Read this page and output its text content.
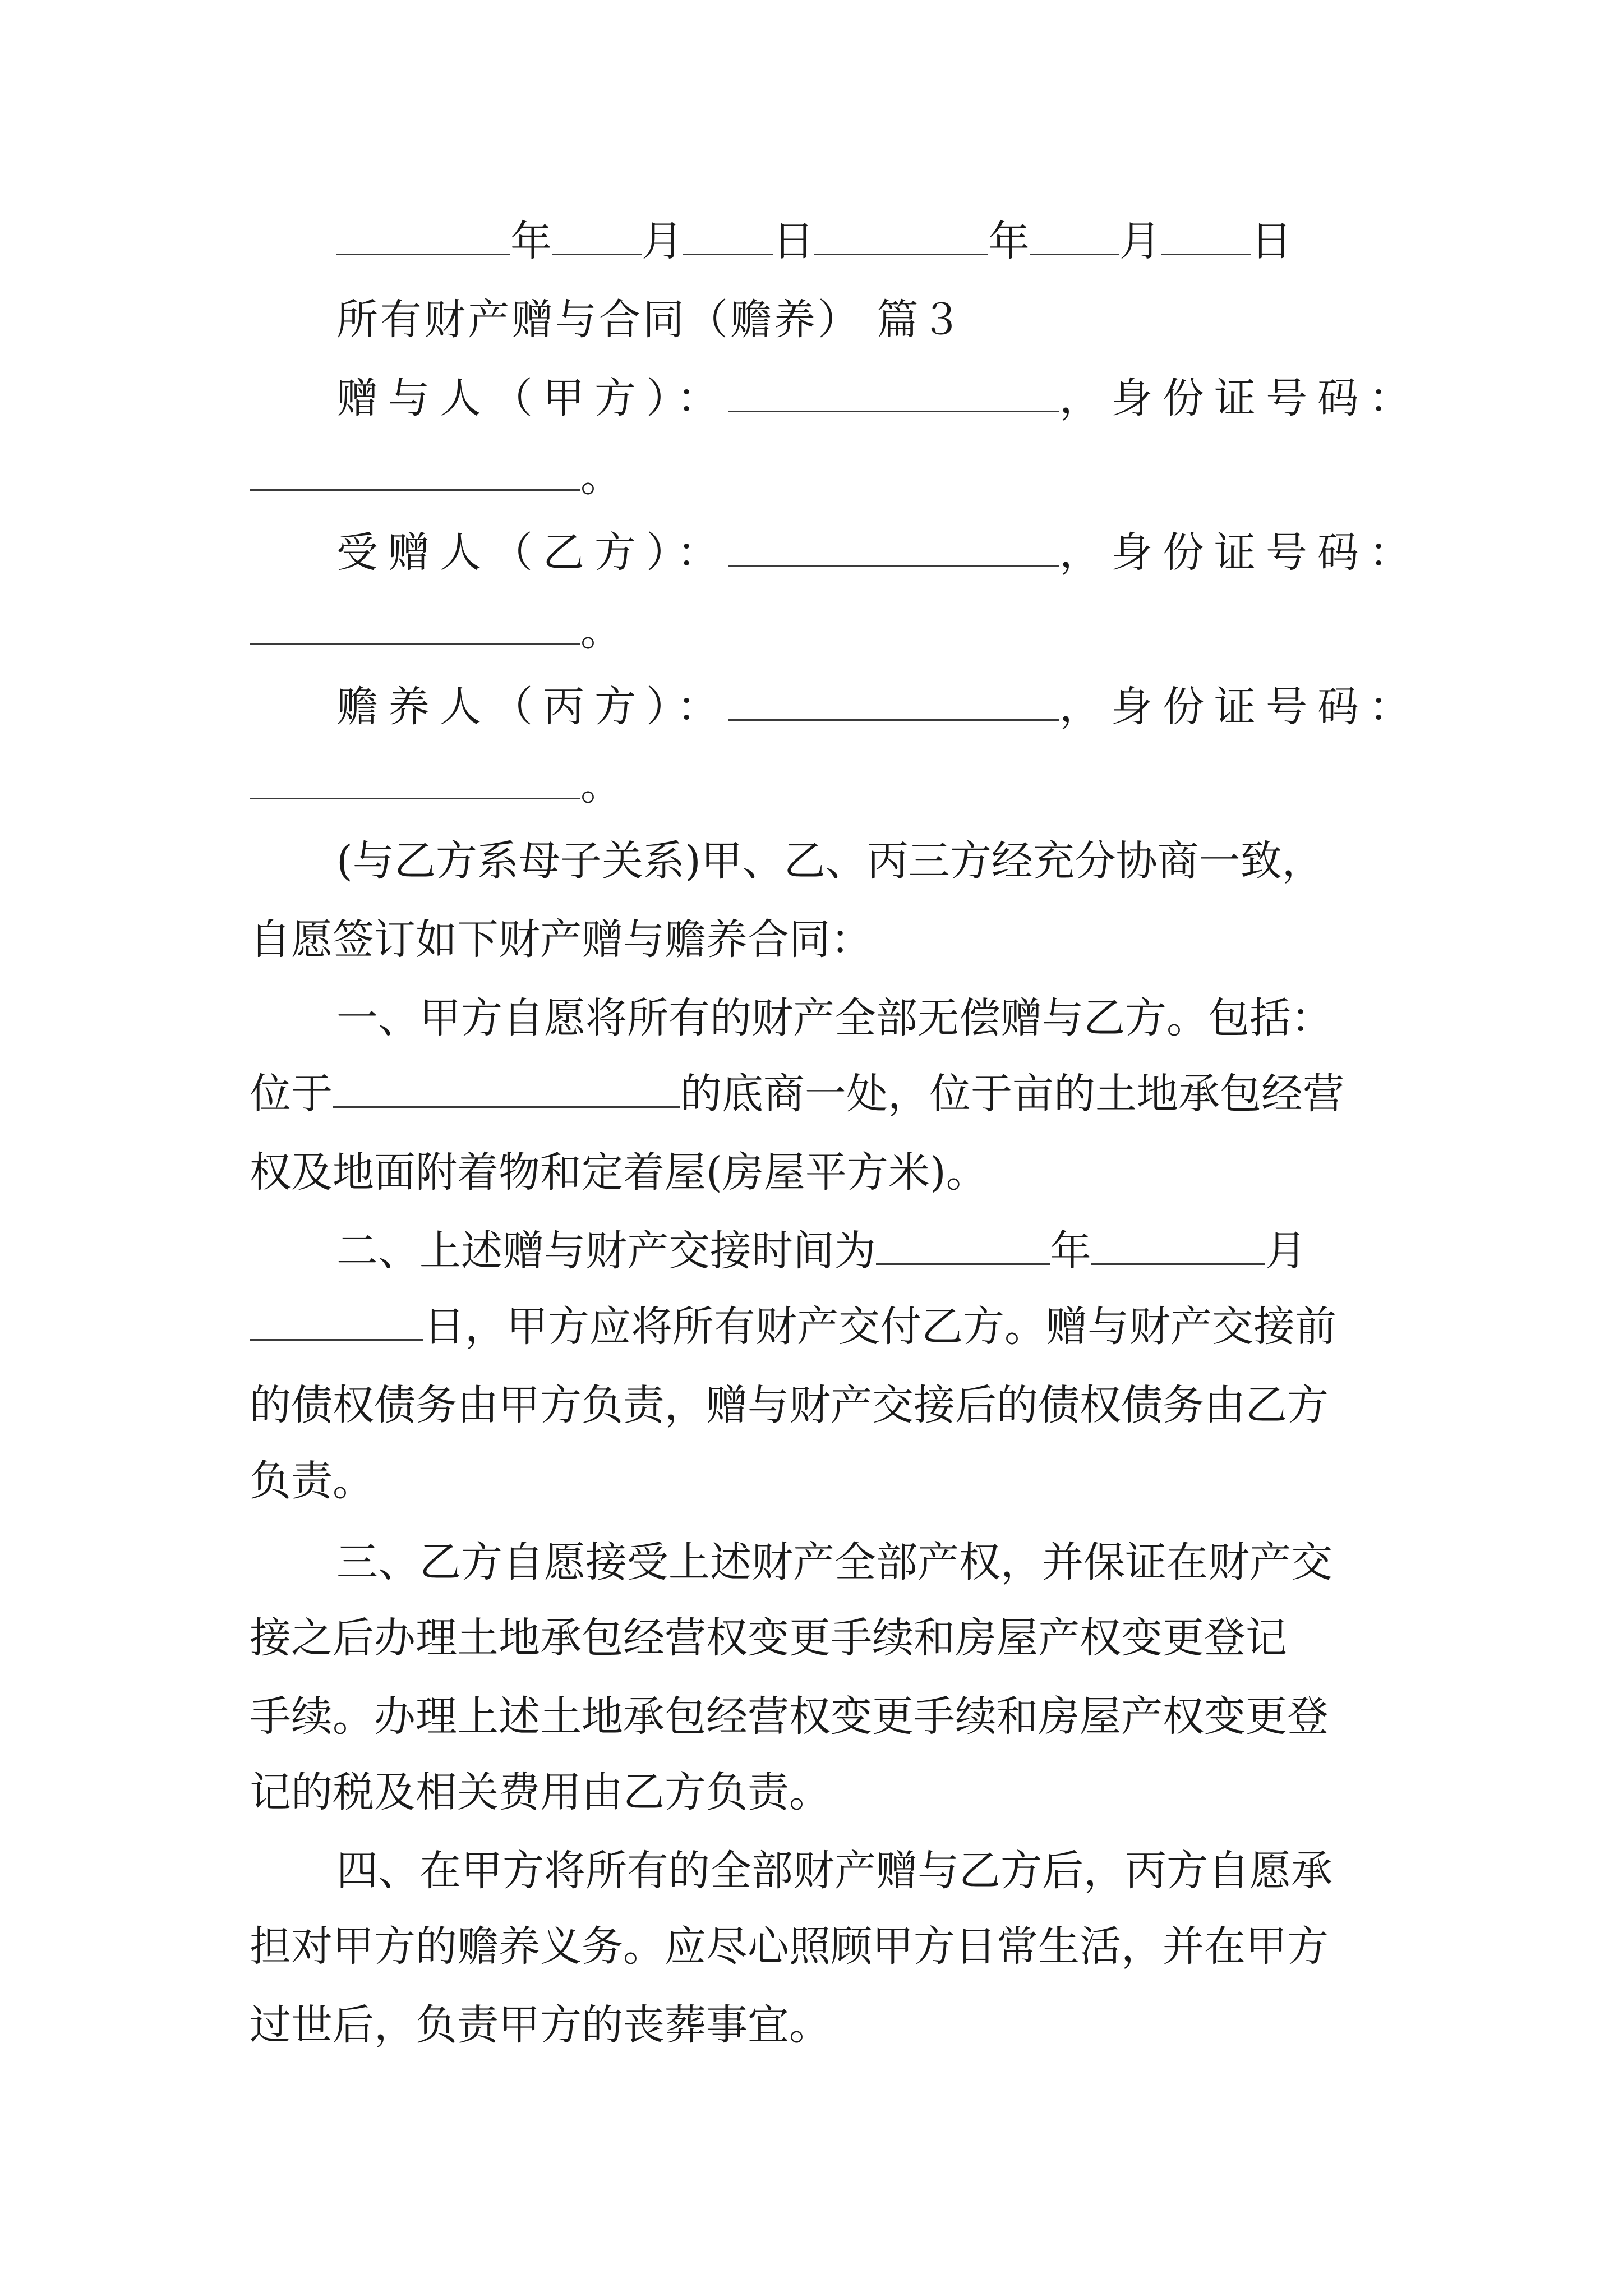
年 月 日	年 月 日
所有财产赠与合同（赡养） 篇３
赠与人（甲方）：	，身份证号码：
。
受赠人（乙方）：	，身份证号码：
。
赡养人（丙方）：	，身份证号码：
。
(与乙方系母子关系)甲、乙、丙三方经充分协商一致，
自愿签订如下财产赠与赡养合同：
一、甲方自愿将所有的财产全部无偿赠与乙方。包括：
位于	的底商一处，位于亩的土地承包经营
权及地面附着物和定着屋(房屋平方米)。
二、上述赠与财产交接时间为	年	月
日，甲方应将所有财产交付乙方。赠与财产交接前
的债权债务由甲方负责，赠与财产交接后的债权债务由乙方
负责。
三、乙方自愿接受上述财产全部产权，并保证在财产交
接之后办理土地承包经营权变更手续和房屋产权变更登记
手续。办理上述土地承包经营权变更手续和房屋产权变更登
记的税及相关费用由乙方负责。
四、在甲方将所有的全部财产赠与乙方后，丙方自愿承
担对甲方的赡养义务。应尽心照顾甲方日常生活，并在甲方
过世后，负责甲方的丧葬事宜。
